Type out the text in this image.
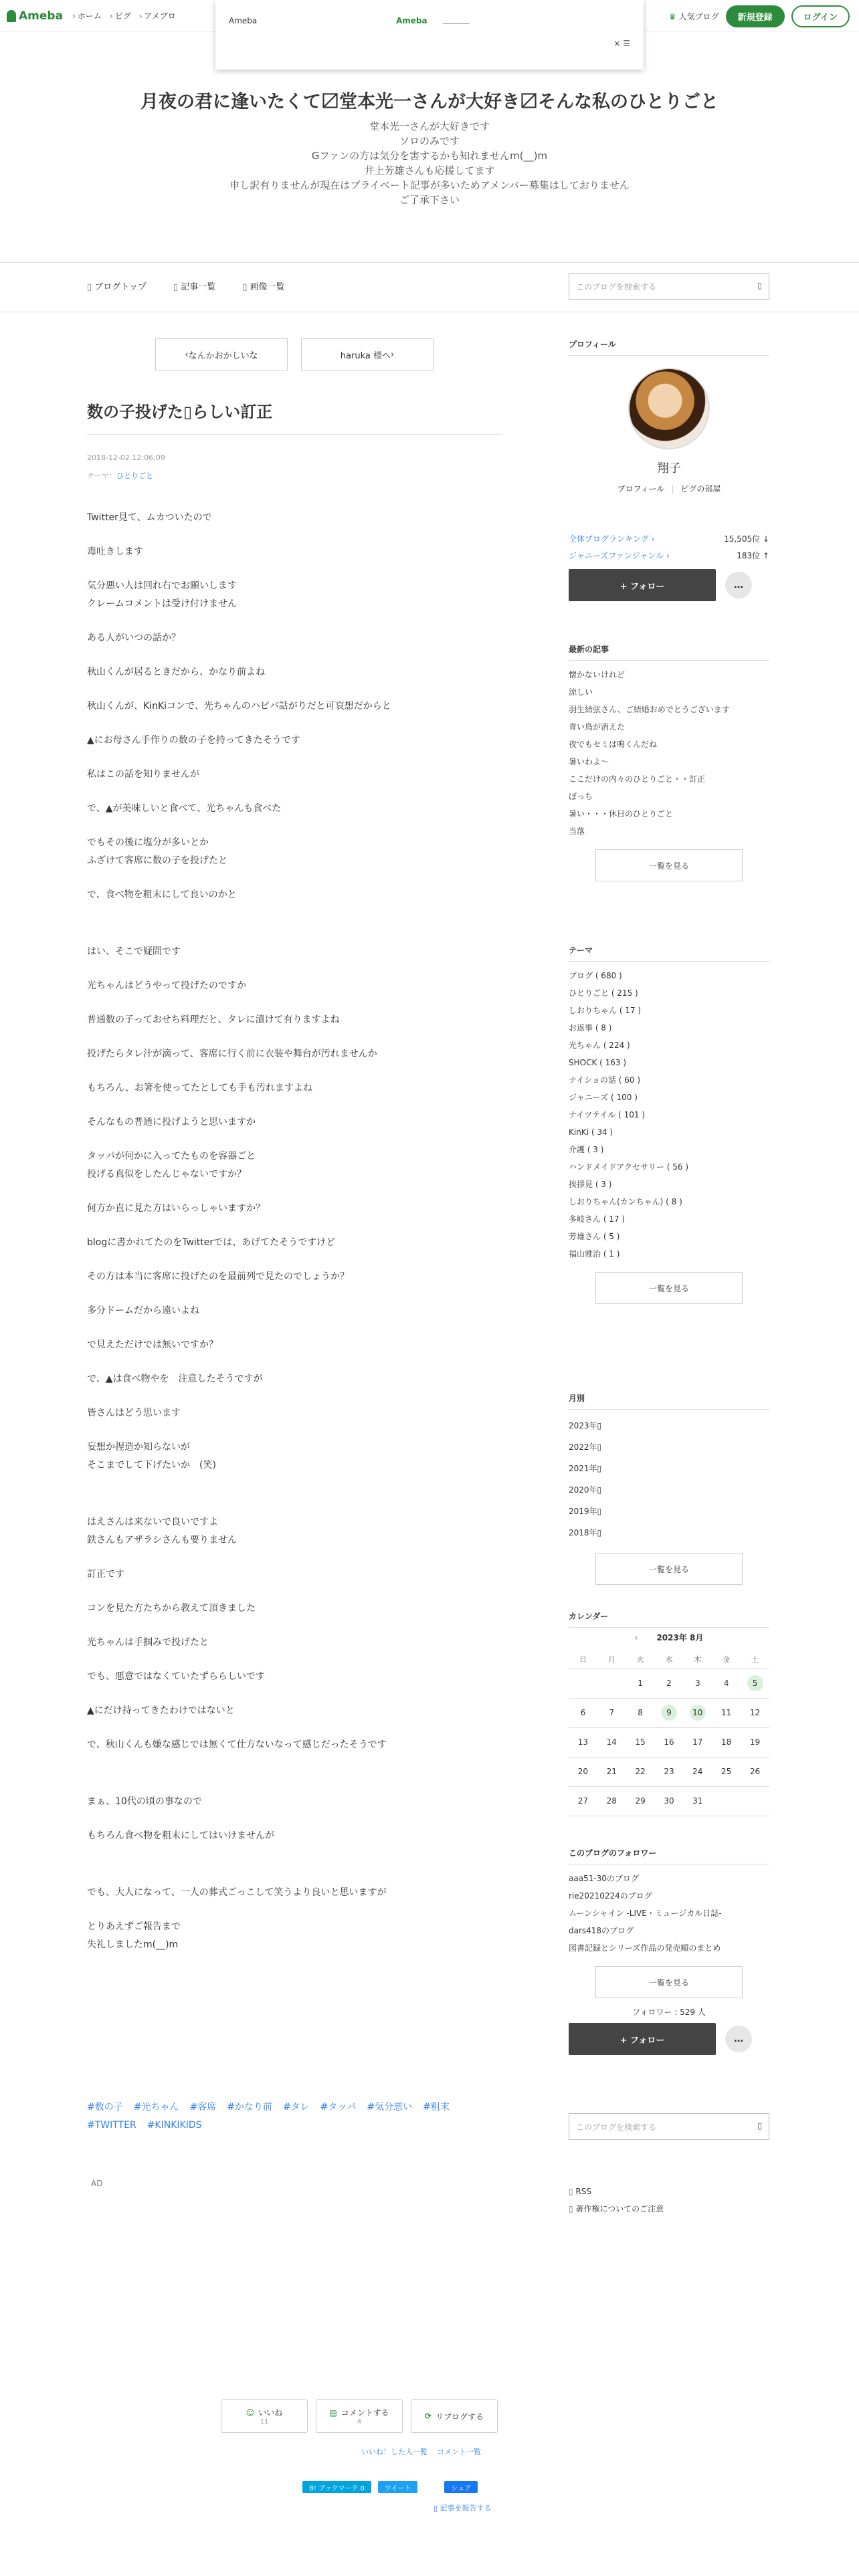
Ameba	› ホーム	› ピグ	› アメブロ	♛ 人気ブログ	新規登録	ログイン
Ameba	Ameba
× ☰
月夜の君に逢いたくて〼堂本光一さんが大好き〼そんな私のひとりごと
堂本光一さんが大好きです
ソロのみです
Gファンの方は気分を害するかも知れませんm(__)m
井上芳雄さんも応援してます
申し訳有りませんが現在はプライベート記事が多いためアメンバー募集はしておりません
ご了承下さい
▯ ブログトップ	▯ 記事一覧	▯ 画像一覧	このブログを検索する ▯
‹ なんかおかしいな	haruka 様へ ›
数の子投げた▯らしい訂正
2018-12-02 12:06:09
テーマ：ひとりごと

Twitter見て、ムカついたので

毒吐きします

気分悪い人は回れ右でお願いします
クレームコメントは受け付けません

ある人がいつの話か？

秋山くんが居るときだから、かなり前よね

秋山くんが、KinKiコンで、光ちゃんのハピバ話がりだと可哀想だからと

▲にお母さん手作りの数の子を持ってきたそうです

私はこの話を知りませんが

で、▲が美味しいと食べて、光ちゃんも食べた

でもその後に塩分が多いとか
ふざけて客席に数の子を投げたと

で、食べ物を粗末にして良いのかと

はい、そこで疑問です

光ちゃんはどうやって投げたのですか

普通数の子っておせち料理だと、タレに漬けて有りますよね

投げたらタレ汁が滴って、客席に行く前に衣装や舞台が汚れませんか

もちろん、お箸を使ってたとしても手も汚れますよね

そんなもの普通に投げようと思いますか

タッパが何かに入ってたものを容器ごと
投げる真似をしたんじゃないですか？

何方か直に見た方はいらっしゃいますか？

blogに書かれてたのをTwitterでは、あげてたそうですけど

その方は本当に客席に投げたのを最前列で見たのでしょうか？

多分ドームだから遠いよね

で見えただけでは無いですか？

で、▲は食べ物やを　注意したそうですが

皆さんはどう思います

妄想か捏造か知らないが
そこまでして下げたいか　(笑)

はえさんは来ないで良いですよ
鉄さんもアザラシさんも要りません

訂正です

コンを見た方たちから教えて頂きました

光ちゃんは手掴みで投げたと

でも、悪意ではなくていたずららしいです

▲にだけ持ってきたわけではないと

で、秋山くんも嫌な感じでは無くて仕方ないなって感じだったそうです

まぁ、10代の頃の事なので

もちろん食べ物を粗末にしてはいけませんが

でも、大人になって、一人の葬式ごっこして笑うより良いと思いますが

とりあえずご報告まで
失礼しましたm(__)m

#数の子 #光ちゃん #客席 #かなり前 #タレ #タッパ #気分悪い #粗末
#TWITTER #KINKIKIDS
AD
☺ いいね
11
▤ コメントする
4
⟳ リブログする
いいね！した人一覧 コメント一覧
B! ブックマーク 0	ツイート	シェア
▯ 記事を報告する
プロフィール
翔子
プロフィール | ピグの部屋
全体ブログランキング ›	15,505位 ↓
ジャニーズファンジャンル ›	183位 ↑
+ フォロー	…
最新の記事
懐かないけれど
涼しい
羽生結弦さん、ご結婚おめでとうございます
青い鳥が消えた
夜でもセミは鳴くんだね
暑いわよ〜
ここだけの内々のひとりごと・・訂正
ぼっち
暑い・・・休日のひとりごと
当落
一覧を見る
テーマ
ブログ ( 680 )
ひとりごと ( 215 )
しおりちゃん ( 17 )
お返事 ( 8 )
光ちゃん ( 224 )
SHOCK ( 163 )
ナイショの話 ( 60 )
ジャニーズ ( 100 )
ナイツテイル ( 101 )
KinKi ( 34 )
介護 ( 3 )
ハンドメイドアクセサリー ( 56 )
挨拶見 ( 3 )
しおりちゃん(カンちゃん) ( 8 )
多岐さん ( 17 )
芳雄さん ( 5 )
福山雅治 ( 1 )
一覧を見る
月別
2023年▯
2022年▯
2021年▯
2020年▯
2019年▯
2018年▯
一覧を見る
カレンダー
‹ 2023年 8月
日	月	火	水	木	金	土
		1	2	3	4	5
6	7	8	9	10	11	12
13	14	15	16	17	18	19
20	21	22	23	24	25	26
27	28	29	30	31		
このブログのフォロワー
aaa51-30のブログ
rie20210224のブログ
ムーンシャイン -LIVE・ミュージカル日誌-
dars418のブログ
図書記録とシリーズ作品の発売順のまとめ
一覧を見る
フォロワー : 529 人
+ フォロー	…
このブログを検索する ▯
▯ RSS
▯ 著作権についてのご注意
